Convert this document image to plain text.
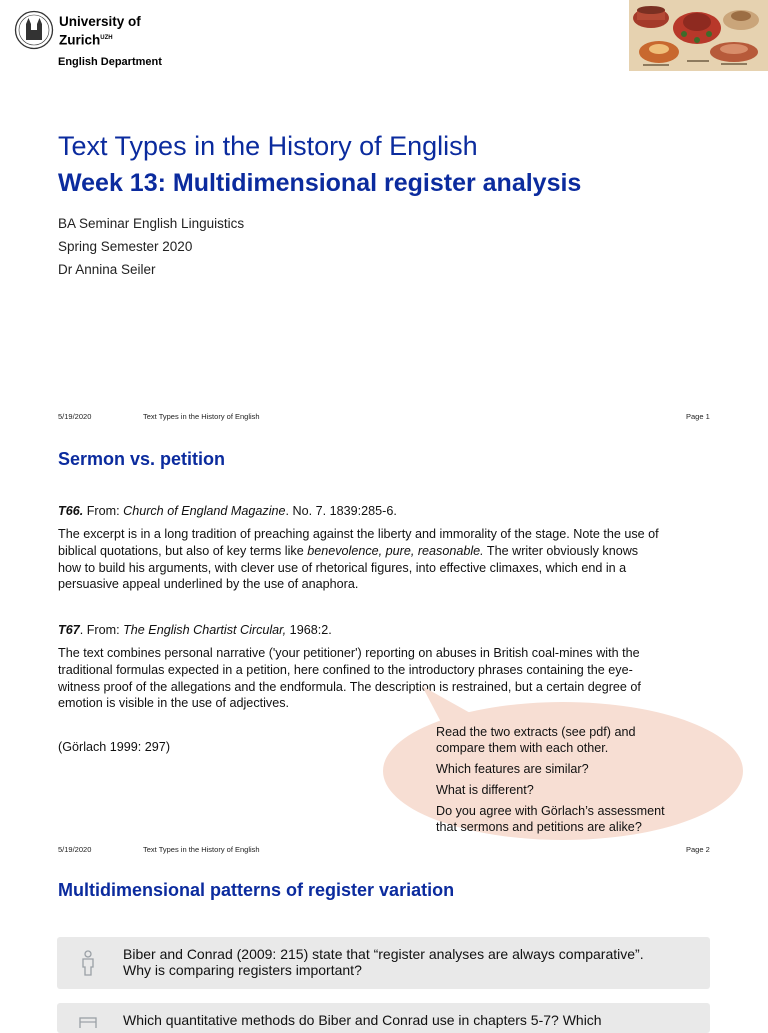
University of
Zurich$^{UZH}$
English Department
Text Types in the History of English
Week 13: Multidimensional register analysis
BA Seminar English Linguistics
Spring Semester 2020
Dr Annina Seiler
5/19/2020	Text Types in the History of English	Page 1
Sermon vs. petition
T66. From: Church of England Magazine. No. 7. 1839:285-6.
The excerpt is in a long tradition of preaching against the liberty and immorality of the stage. Note the use of
biblical quotations, but also of key terms like benevolence, pure, reasonable. The writer obviously knows
how to build his arguments, with clever use of rhetorical figures, into effective climaxes, which end in a
persuasive appeal underlined by the use of anaphora.
T67. From: The English Chartist Circular, 1968:2.
The text combines personal narrative ('your petitioner') reporting on abuses in British coal-mines with the
traditional formulas expected in a petition, here confined to the introductory phrases containing the eye-
witness proof of the allegations and the endformula. The description is restrained, but a certain degree of
emotion is visible in the use of adjectives.
(Görlach 1999: 297)
Read the two extracts (see pdf) and
compare them with each other.
Which features are similar?
What is different?
Do you agree with Görlach’s assessment
that sermons and petitions are alike?
5/19/2020	Text Types in the History of English	Page 2
Multidimensional patterns of register variation
Biber and Conrad (2009: 215) state that “register analyses are always comparative”.
Why is comparing registers important?
Which quantitative methods do Biber and Conrad use in chapters 5-7? Which
